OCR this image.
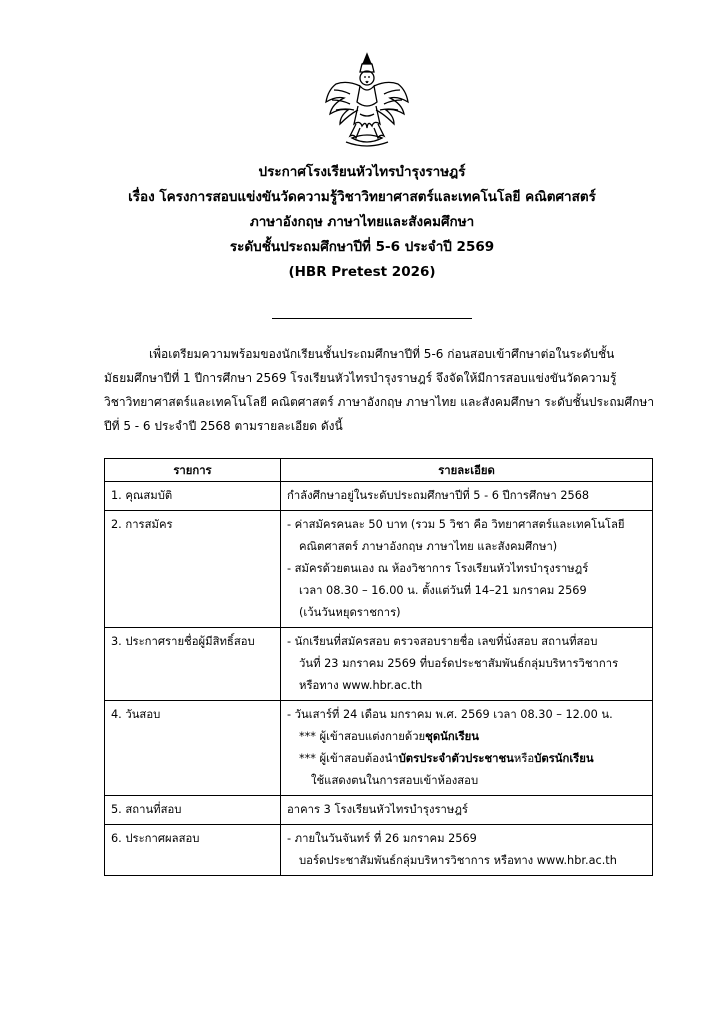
ประกาศโรงเรียนหัวไทรบำรุงราษฎร์
เรื่อง โครงการสอบแข่งขันวัดความรู้วิชาวิทยาศาสตร์และเทคโนโลยี คณิตศาสตร์
ภาษาอังกฤษ ภาษาไทยและสังคมศึกษา
ระดับชั้นประถมศึกษาปีที่ 5-6 ประจำปี 2569
(HBR Pretest 2026)

เพื่อเตรียมความพร้อมของนักเรียนชั้นประถมศึกษาปีที่ 5-6 ก่อนสอบเข้าศึกษาต่อในระดับชั้น

มัธยมศึกษาปีที่ 1 ปีการศึกษา 2569 โรงเรียนหัวไทรบำรุงราษฎร์ จึงจัดให้มีการสอบแข่งขันวัดความรู้

วิชาวิทยาศาสตร์และเทคโนโลยี คณิตศาสตร์ ภาษาอังกฤษ ภาษาไทย และสังคมศึกษา ระดับชั้นประถมศึกษา

ปีที่ 5 - 6 ประจำปี 2568 ตามรายละเอียด ดังนี้

รายการ	รายละเอียด

1. คุณสมบัติ	กำลังศึกษาอยู่ในระดับประถมศึกษาปีที่ 5 - 6 ปีการศึกษา 2568

2. การสมัคร	- ค่าสมัครคนละ 50 บาท (รวม 5 วิชา คือ วิทยาศาสตร์และเทคโนโลยี
คณิตศาสตร์ ภาษาอังกฤษ ภาษาไทย และสังคมศึกษา)
- สมัครด้วยตนเอง ณ ห้องวิชาการ โรงเรียนหัวไทรบำรุงราษฎร์
เวลา 08.30 – 16.00 น. ตั้งแต่วันที่ 14–21 มกราคม 2569
(เว้นวันหยุดราชการ)

3. ประกาศรายชื่อผู้มีสิทธิ์สอบ	- นักเรียนที่สมัครสอบ ตรวจสอบรายชื่อ เลขที่นั่งสอบ สถานที่สอบ
วันที่ 23 มกราคม 2569 ที่บอร์ดประชาสัมพันธ์กลุ่มบริหารวิชาการ
หรือทาง www.hbr.ac.th

4. วันสอบ	- วันเสาร์ที่ 24 เดือน มกราคม พ.ศ. 2569 เวลา 08.30 – 12.00 น.
*** ผู้เข้าสอบแต่งกายด้วยชุดนักเรียน
*** ผู้เข้าสอบต้องนำบัตรประจำตัวประชาชนหรือบัตรนักเรียน
ใช้แสดงตนในการสอบเข้าห้องสอบ

5. สถานที่สอบ	อาคาร 3 โรงเรียนหัวไทรบำรุงราษฎร์

6. ประกาศผลสอบ	- ภายในวันจันทร์ ที่ 26 มกราคม 2569
บอร์ดประชาสัมพันธ์กลุ่มบริหารวิชาการ หรือทาง www.hbr.ac.th
